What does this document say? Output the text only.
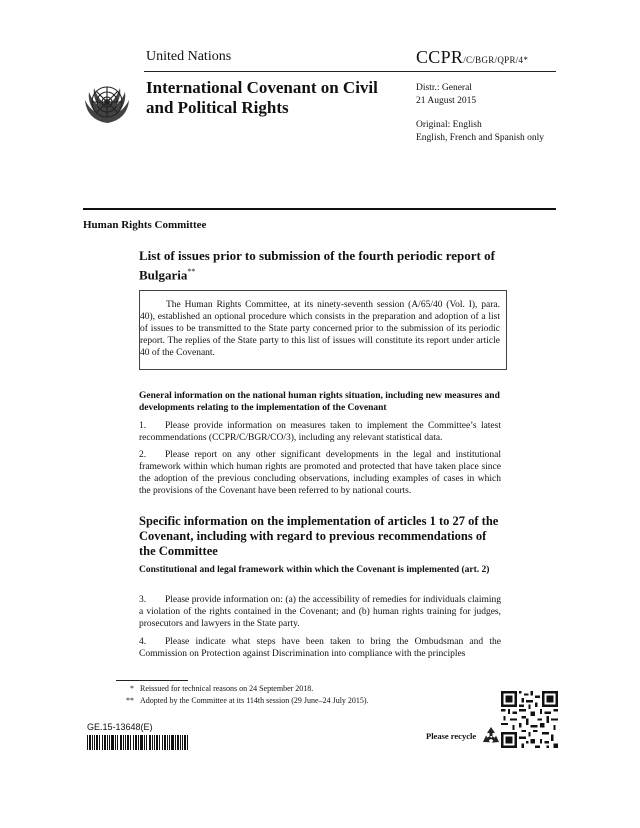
United Nations	CCPR/C/BGR/QPR/4*
International Covenant on Civil and Political Rights
Distr.: General
21 August 2015
Original: English
English, French and Spanish only
Human Rights Committee
List of issues prior to submission of the fourth periodic report of Bulgaria**

The Human Rights Committee, at its ninety-seventh session (A/65/40 (Vol. I), para. 40), established an optional procedure which consists in the preparation and adoption of a list of issues to be transmitted to the State party concerned prior to the submission of its periodic report. The replies of the State party to this list of issues will constitute its report under article 40 of the Covenant.

General information on the national human rights situation, including new measures and developments relating to the implementation of the Covenant
1. Please provide information on measures taken to implement the Committee’s latest recommendations (CCPR/C/BGR/CO/3), including any relevant statistical data.
2. Please report on any other significant developments in the legal and institutional framework within which human rights are promoted and protected that have taken place since the adoption of the previous concluding observations, including examples of cases in which the provisions of the Covenant have been referred to by national courts.
Specific information on the implementation of articles 1 to 27 of the Covenant, including with regard to previous recommendations of the Committee
Constitutional and legal framework within which the Covenant is implemented (art. 2)
3. Please provide information on: (a) the accessibility of remedies for individuals claiming a violation of the rights contained in the Covenant; and (b) human rights training for judges, prosecutors and lawyers in the State party.
4. Please indicate what steps have been taken to bring the Ombudsman and the Commission on Protection against Discrimination into compliance with the principles
* Reissued for technical reasons on 24 September 2018.
** Adopted by the Committee at its 114th session (29 June–24 July 2015).
GE.15-13648(E)
Please recycle
